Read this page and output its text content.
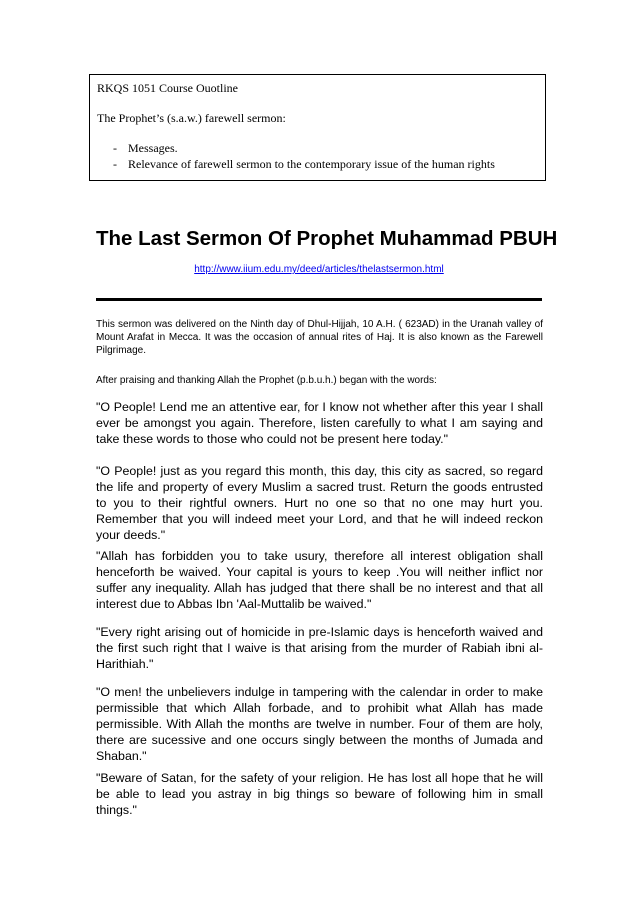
RKQS 1051 Course Ouotline
The Prophet’s (s.a.w.) farewell sermon:
- Messages.
- Relevance of farewell sermon to the contemporary issue of the human rights
The Last Sermon Of Prophet Muhammad PBUH
http://www.iium.edu.my/deed/articles/thelastsermon.html

This sermon was delivered on the Ninth day of Dhul-Hijjah, 10 A.H. ( 623AD) in the Uranah valley of Mount Arafat in Mecca. It was the occasion of annual rites of Haj. It is also known as the Farewell Pilgrimage.

After praising and thanking Allah the Prophet (p.b.u.h.) began with the words:

"O People! Lend me an attentive ear, for I know not whether after this year I shall ever be amongst you again. Therefore, listen carefully to what I am saying and take these words to those who could not be present here today."

"O People! just as you regard this month, this day, this city as sacred, so regard the life and property of every Muslim a sacred trust. Return the goods entrusted to you to their rightful owners. Hurt no one so that no one may hurt you. Remember that you will indeed meet your Lord, and that he will indeed reckon your deeds."

"Allah has forbidden you to take usury, therefore all interest obligation shall henceforth be waived. Your capital is yours to keep .You will neither inflict nor suffer any inequality. Allah has judged that there shall be no interest and that all interest due to Abbas Ibn 'Aal-Muttalib be waived."

"Every right arising out of homicide in pre-Islamic days is henceforth waived and the first such right that I waive is that arising from the murder of Rabiah ibni al-Harithiah."

"O men! the unbelievers indulge in tampering with the calendar in order to make permissible that which Allah forbade, and to prohibit what Allah has made permissible. With Allah the months are twelve in number. Four of them are holy, there are sucessive and one occurs singly between the months of Jumada and Shaban."

"Beware of Satan, for the safety of your religion. He has lost all hope that he will be able to lead you astray in big things so beware of following him in small things."
